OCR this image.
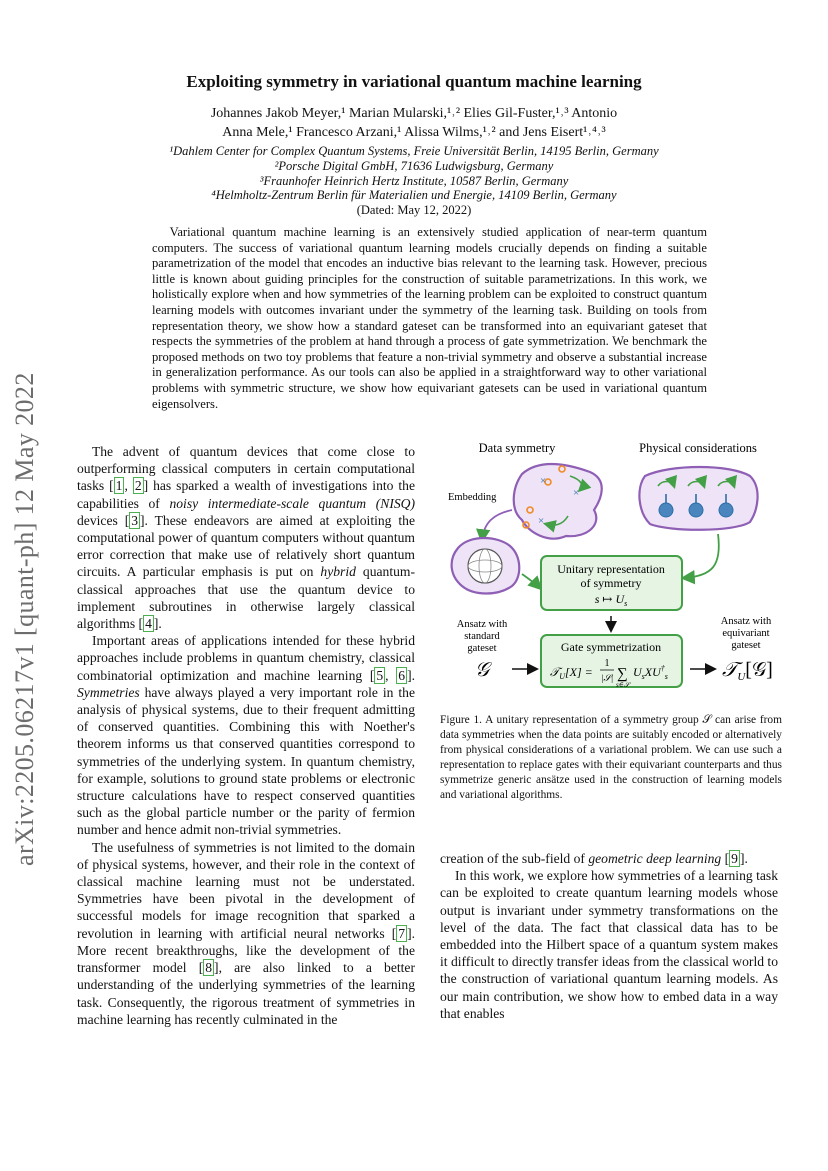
Exploiting symmetry in variational quantum machine learning
Johannes Jakob Meyer,¹ Marian Mularski,¹˒² Elies Gil-Fuster,¹˒³ Antonio
Anna Mele,¹ Francesco Arzani,¹ Alissa Wilms,¹˒² and Jens Eisert¹˒⁴˒³
¹Dahlem Center for Complex Quantum Systems, Freie Universität Berlin, 14195 Berlin, Germany
²Porsche Digital GmbH, 71636 Ludwigsburg, Germany
³Fraunhofer Heinrich Hertz Institute, 10587 Berlin, Germany
⁴Helmholtz-Zentrum Berlin für Materialien und Energie, 14109 Berlin, Germany
(Dated: May 12, 2022)

Variational quantum machine learning is an extensively studied application of near-term quantum computers. The success of variational quantum learning models crucially depends on finding a suitable parametrization of the model that encodes an inductive bias relevant to the learning task. However, precious little is known about guiding principles for the construction of suitable parametrizations. In this work, we holistically explore when and how symmetries of the learning problem can be exploited to construct quantum learning models with outcomes invariant under the symmetry of the learning task. Building on tools from representation theory, we show how a standard gateset can be transformed into an equivariant gateset that respects the symmetries of the problem at hand through a process of gate symmetrization. We benchmark the proposed methods on two toy problems that feature a non-trivial symmetry and observe a substantial increase in generalization performance. As our tools can also be applied in a straightforward way to other variational problems with symmetric structure, we show how equivariant gatesets can be used in variational quantum eigensolvers.

arXiv:2205.06217v1 [quant-ph] 12 May 2022	The advent of quantum devices that come close to outperforming classical computers in certain computational tasks [ 1 , 2 ] has sparked a wealth of investigations into the capabilities of noisy intermediate-scale quantum (NISQ) devices [ 3 ]. These endeavors are aimed at exploiting the computational power of quantum computers without quantum error correction that make use of relatively short quantum circuits. A particular emphasis is put on hybrid quantum-classical approaches that use the quantum device to implement subroutines in otherwise largely classical algorithms [ 4 ].

Important areas of applications intended for these hybrid approaches include problems in quantum chemistry, classical combinatorial optimization and machine learning [ 5 , 6 ]. Symmetries have always played a very important role in the analysis of physical systems, due to their frequent admitting of conserved quantities. Combining this with Noether's theorem informs us that conserved quantities correspond to symmetries of the underlying system. In quantum chemistry, for example, solutions to ground state problems or electronic structure calculations have to respect conserved quantities such as the global particle number or the parity of fermion number and hence admit non-trivial symmetries.

The usefulness of symmetries is not limited to the domain of physical systems, however, and their role in the context of classical machine learning must not be understated. Symmetries have been pivotal in the development of successful models for image recognition that sparked a revolution in learning with artificial neural networks [ 7 ]. More recent breakthroughs, like the development of the transformer model [ 8 ], are also linked to a better understanding of the underlying symmetries of the learning task. Consequently, the rigorous treatment of symmetries in machine learning has recently culminated in the

creation of the sub-field of geometric deep learning [ 9 ].

In this work, we explore how symmetries of a learning task can be exploited to create quantum learning models whose output is invariant under symmetry transformations on the level of the data. The fact that classical data has to be embedded into the Hilbert space of a quantum system makes it difficult to directly transfer ideas from the classical world to the construction of variational quantum learning models. As our main contribution, we show how to embed data in a way that enables

Data symmetry	Physical considerations
×
×
×
Embedding
Unitary representation
of symmetry
s ↦ $U_s$
Gate symmetrization
𝒯$_U$[X] =
1
|𝒮| ∑
s∈𝒮
$U_sXU^\dagger_s$
Ansatz with
standard
gateset
𝒢
Ansatz with
equivariant
gateset
𝒯$_U$[𝒢]
Figure 1. A unitary representation of a symmetry group 𝒮 can arise from data symmetries when the data points are suitably encoded or alternatively from physical considerations of a variational problem. We can use such a representation to replace gates with their equivariant counterparts and thus symmetrize generic ansätze used in the construction of learning models and variational algorithms.
